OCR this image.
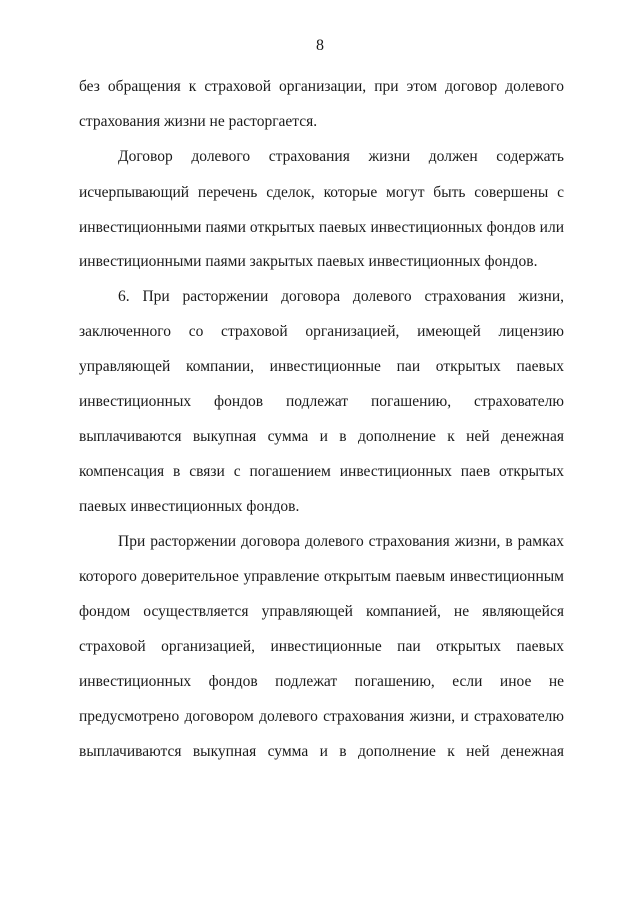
8
без обращения к страховой организации, при этом договор долевого
страхования жизни не расторгается.
Договор долевого страхования жизни должен содержать
исчерпывающий перечень сделок, которые могут быть совершены с
инвестиционными паями открытых паевых инвестиционных фондов или
инвестиционными паями закрытых паевых инвестиционных фондов.
6. При расторжении договора долевого страхования жизни,
заключенного со страховой организацией, имеющей лицензию
управляющей компании, инвестиционные паи открытых паевых
инвестиционных фондов подлежат погашению, страхователю
выплачиваются выкупная сумма и в дополнение к ней денежная
компенсация в связи с погашением инвестиционных паев открытых
паевых инвестиционных фондов.
При расторжении договора долевого страхования жизни, в рамках
которого доверительное управление открытым паевым инвестиционным
фондом осуществляется управляющей компанией, не являющейся
страховой организацией, инвестиционные паи открытых паевых
инвестиционных фондов подлежат погашению, если иное не
предусмотрено договором долевого страхования жизни, и страхователю
выплачиваются выкупная сумма и в дополнение к ней денежная
